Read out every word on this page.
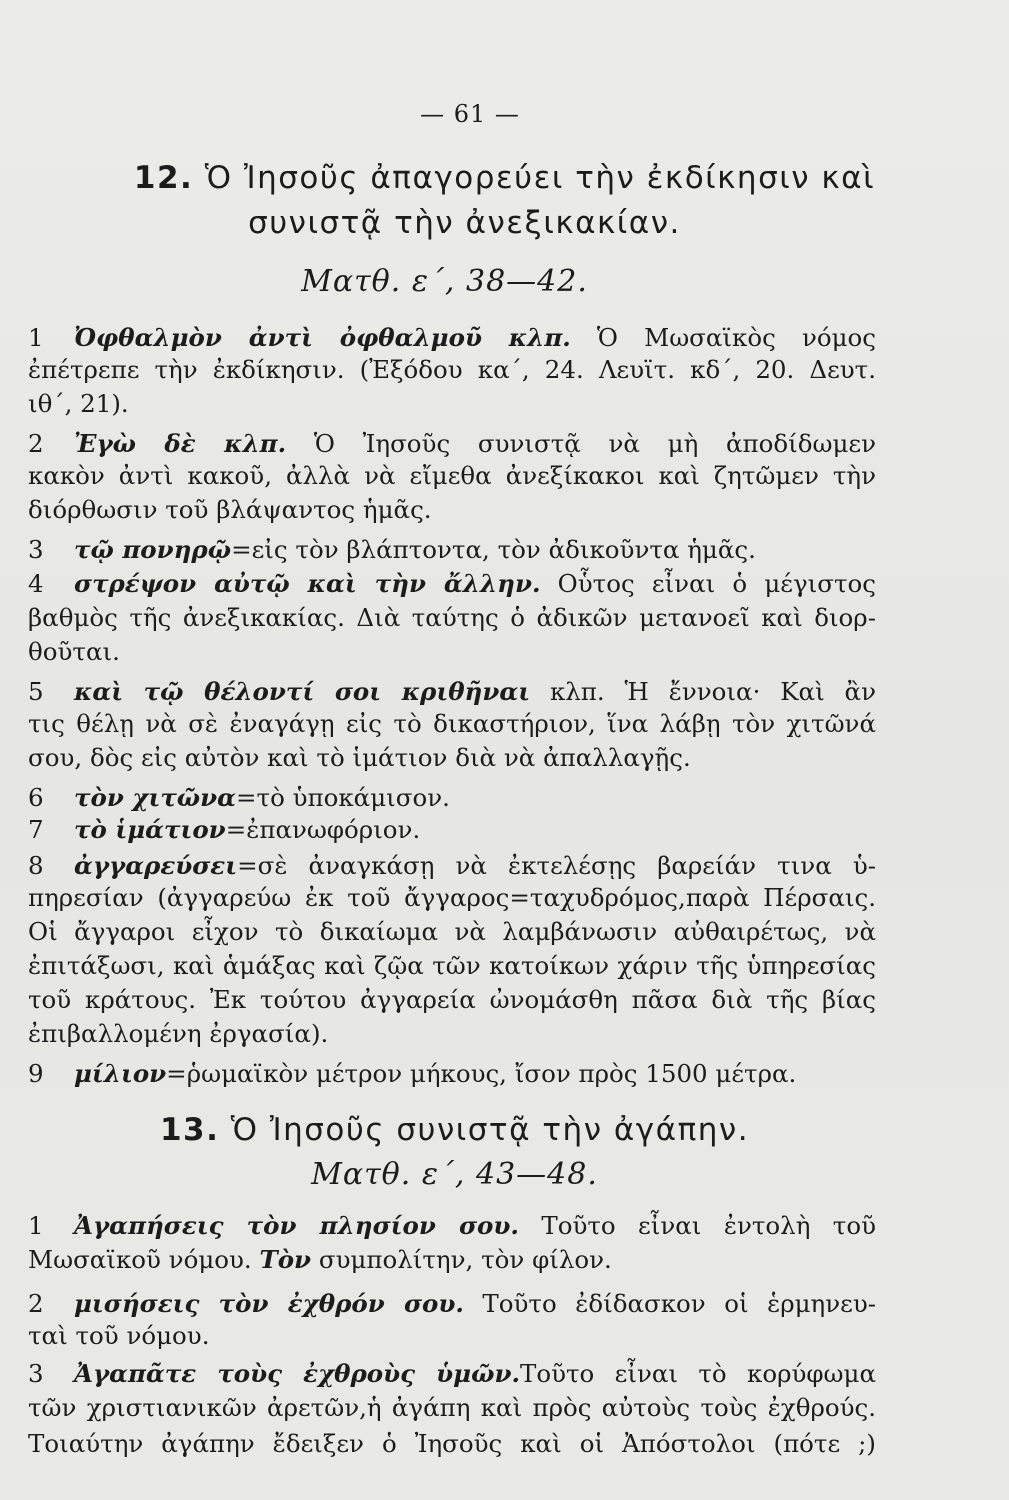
— 61 —
12. Ὁ Ἰησοῦς ἀπαγορεύει τὴν ἐκδίκησιν καὶ
συνιστᾷ τὴν ἀνεξικακίαν.
Ματθ. ε΄, 38—42.
1 Ὀφθαλμὸν ἀντὶ ὀφθαλμοῦ κλπ. Ὁ Μωσαϊκὸς νόμος
ἐπέτρεπε τὴν ἐκδίκησιν. (Ἐξόδου κα΄, 24. Λευϊτ. κδ΄, 20. Δευτ.
ιθ΄, 21).
2 Ἐγὼ δὲ κλπ. Ὁ Ἰησοῦς συνιστᾷ νὰ μὴ ἀποδίδωμεν
κακὸν ἀντὶ κακοῦ, ἀλλὰ νὰ εἴμεθα ἀνεξίκακοι καὶ ζητῶμεν τὴν
διόρθωσιν τοῦ βλάψαντος ἡμᾶς.
3 τῷ πονηρῷ=εἰς τὸν βλάπτοντα, τὸν ἀδικοῦντα ἡμᾶς.
4 στρέψον αὐτῷ καὶ τὴν ἄλλην. Οὗτος εἶναι ὁ μέγιστος
βαθμὸς τῆς ἀνεξικακίας. Διὰ ταύτης ὁ ἀδικῶν μετανοεῖ καὶ διορ-
θοῦται.
5 καὶ τῷ θέλοντί σοι κριθῆναι κλπ. Ἡ ἔννοια· Καὶ ἂν
τις θέλῃ νὰ σὲ ἐναγάγῃ εἰς τὸ δικαστήριον, ἵνα λάβῃ τὸν χιτῶνά
σου, δὸς εἰς αὐτὸν καὶ τὸ ἱμάτιον διὰ νὰ ἀπαλλαγῇς.
6 τὸν χιτῶνα=τὸ ὑποκάμισον.
7 τὸ ἱμάτιον=ἐπανωφόριον.
8 ἀγγαρεύσει=σὲ ἀναγκάσῃ νὰ ἐκτελέσῃς βαρείάν τινα ὑ-
πηρεσίαν (ἀγγαρεύω ἐκ τοῦ ἄγγαρος=ταχυδρόμος,παρὰ Πέρσαις.
Οἱ ἄγγαροι εἶχον τὸ δικαίωμα νὰ λαμβάνωσιν αὐθαιρέτως, νὰ
ἐπιτάξωσι, καὶ ἁμάξας καὶ ζῷα τῶν κατοίκων χάριν τῆς ὑπηρεσίας
τοῦ κράτους. Ἐκ τούτου ἀγγαρεία ὠνομάσθη πᾶσα διὰ τῆς βίας
ἐπιβαλλομένη ἐργασία).
9 μίλιον=ῥωμαϊκὸν μέτρον μήκους, ἴσον πρὸς 1500 μέτρα.
13. Ὁ Ἰησοῦς συνιστᾷ τὴν ἀγάπην.
Ματθ. ε΄, 43—48.
1 Ἀγαπήσεις τὸν πλησίον σου. Τοῦτο εἶναι ἐντολὴ τοῦ
Μωσαϊκοῦ νόμου. Τὸν συμπολίτην, τὸν φίλον.
2 μισήσεις τὸν ἐχθρόν σου. Τοῦτο ἐδίδασκον οἱ ἑρμηνευ-
ταὶ τοῦ νόμου.
3 Ἀγαπᾶτε τοὺς ἐχθροὺς ὑμῶν.Τοῦτο εἶναι τὸ κορύφωμα
τῶν χριστιανικῶν ἀρετῶν,ἡ ἀγάπη καὶ πρὸς αὐτοὺς τοὺς ἐχθρούς.
Τοιαύτην ἀγάπην ἔδειξεν ὁ Ἰησοῦς καὶ οἱ Ἀπόστολοι (πότε ;)
